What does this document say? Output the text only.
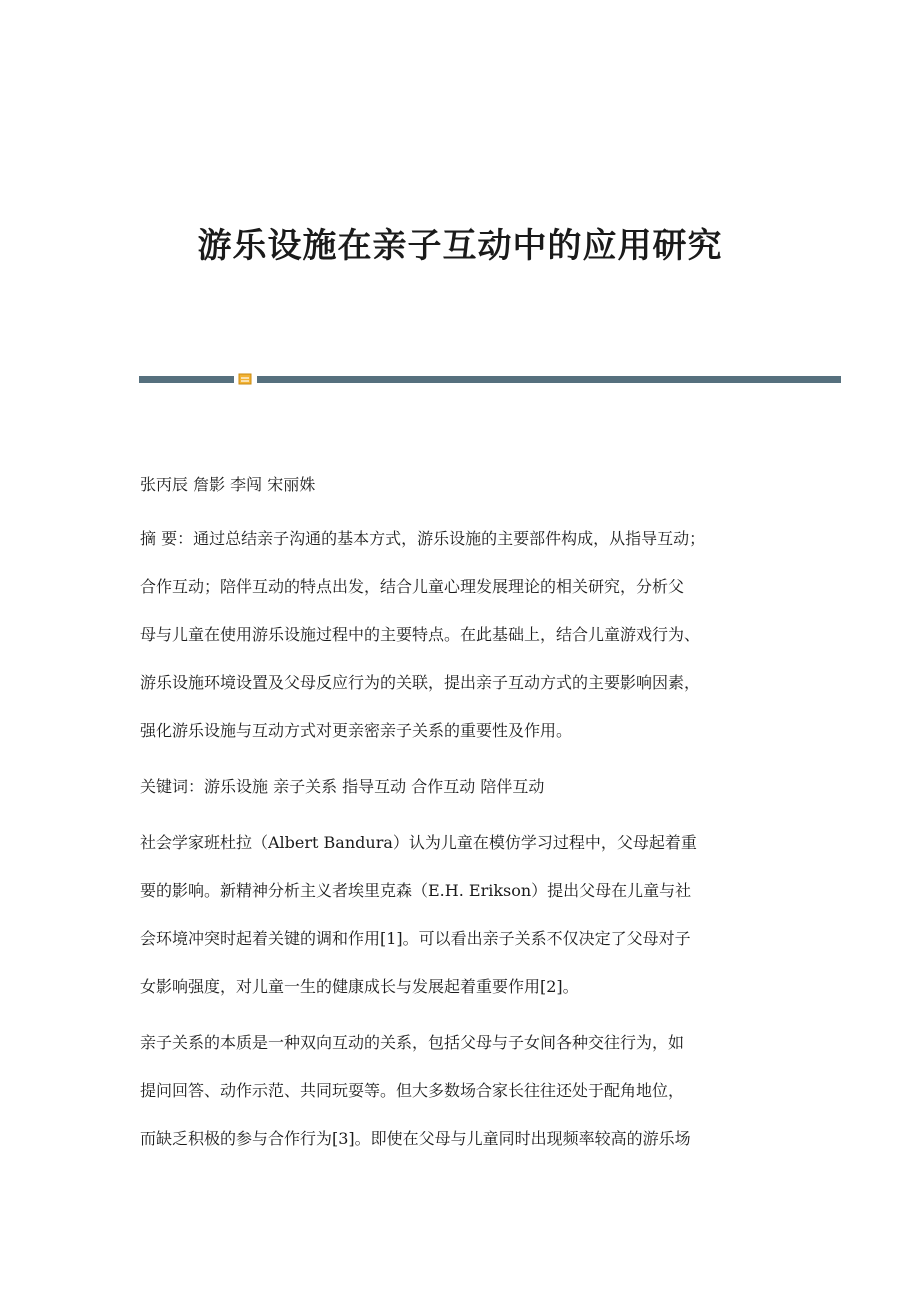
游乐设施在亲子互动中的应用研究

张丙辰 詹影 李闯 宋丽姝

摘 要：通过总结亲子沟通的基本方式，游乐设施的主要部件构成，从指导互动；
合作互动；陪伴互动的特点出发，结合儿童心理发展理论的相关研究，分析父
母与儿童在使用游乐设施过程中的主要特点。在此基础上，结合儿童游戏行为、
游乐设施环境设置及父母反应行为的关联，提出亲子互动方式的主要影响因素，
强化游乐设施与互动方式对更亲密亲子关系的重要性及作用。
关键词：游乐设施 亲子关系 指导互动 合作互动 陪伴互动
社会学家班杜拉（Albert Bandura）认为儿童在模仿学习过程中，父母起着重
要的影响。新精神分析主义者埃里克森（E.H. Erikson）提出父母在儿童与社
会环境冲突时起着关键的调和作用[1]。可以看出亲子关系不仅决定了父母对子
女影响强度，对儿童一生的健康成长与发展起着重要作用[2]。
亲子关系的本质是一种双向互动的关系，包括父母与子女间各种交往行为，如
提问回答、动作示范、共同玩耍等。但大多数场合家长往往还处于配角地位，
而缺乏积极的参与合作行为[3]。即使在父母与儿童同时出现频率较高的游乐场
